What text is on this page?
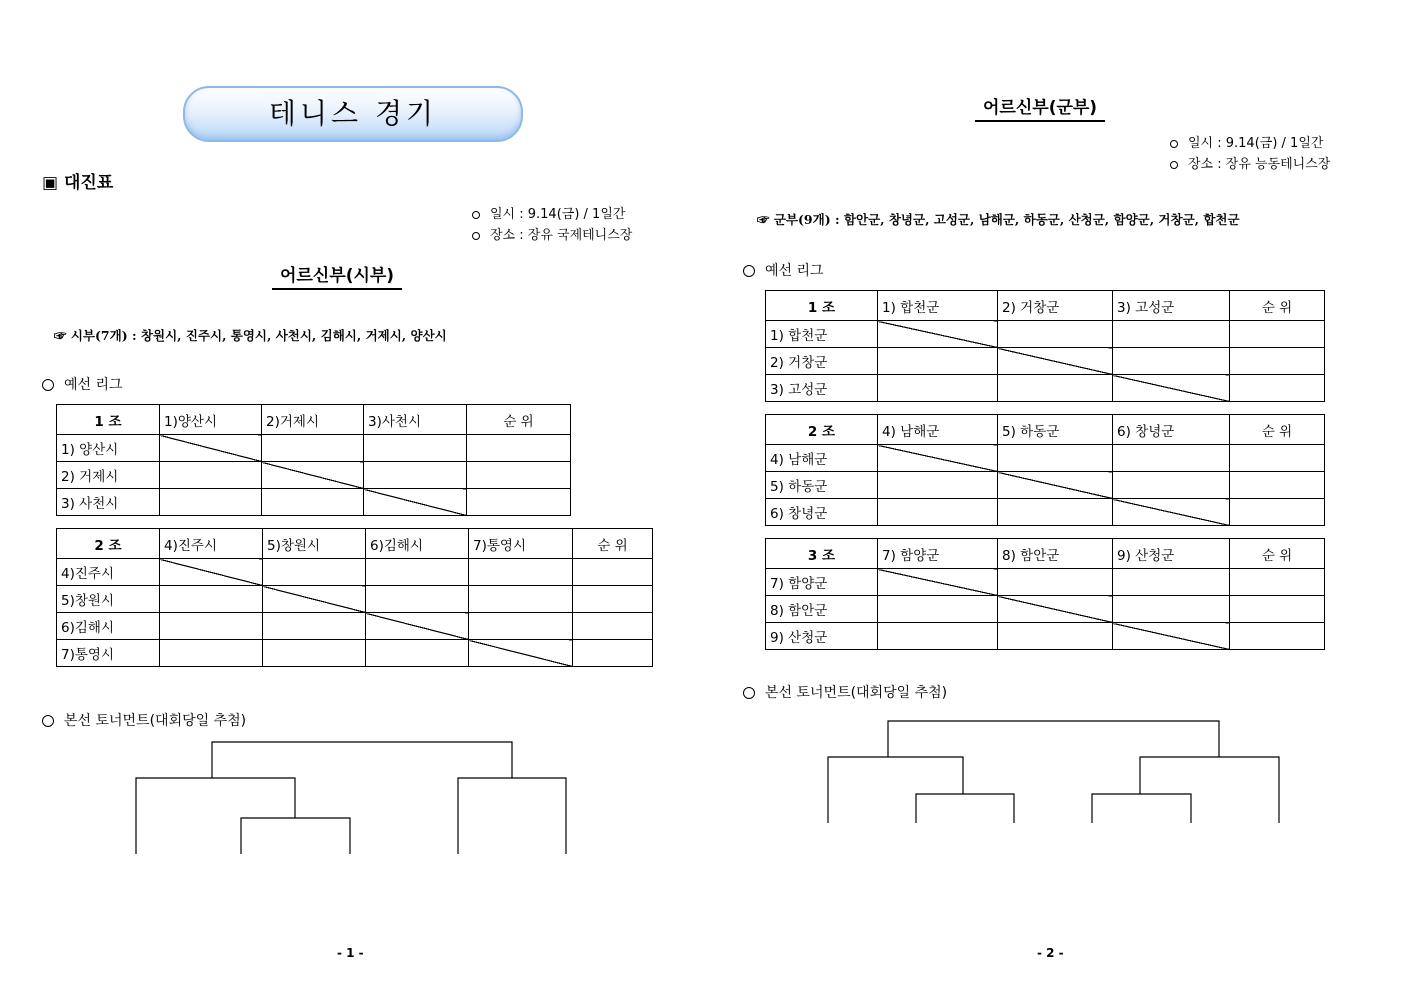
테니스 경기
▣ 대진표
일시 : 9.14(금) / 1일간
장소 : 장유 국제테니스장
어르신부(시부)
☞ 시부(7개) : 창원시, 진주시, 통영시, 사천시, 김해시, 거제시, 양산시
예선 리그
1 조	1)양산시	2)거제시	3)사천시	순 위
1) 양산시				
2) 거제시				
3) 사천시				
2 조	4)진주시	5)창원시	6)김해시	7)통영시	순 위
4)진주시					
5)창원시					
6)김해시					
7)통영시					
본선 토너먼트(대회당일 추첨)
- 1 -
어르신부(군부)
일시 : 9.14(금) / 1일간
장소 : 장유 능동테니스장
☞ 군부(9개) : 함안군, 창녕군, 고성군, 남해군, 하동군, 산청군, 함양군, 거창군, 합천군
예선 리그
1 조	1) 합천군	2) 거창군	3) 고성군	순 위
1) 합천군				
2) 거창군				
3) 고성군				
2 조	4) 남해군	5) 하동군	6) 창녕군	순 위
4) 남해군				
5) 하동군				
6) 창녕군				
3 조	7) 함양군	8) 함안군	9) 산청군	순 위
7) 함양군				
8) 함안군				
9) 산청군				
본선 토너먼트(대회당일 추첨)
- 2 -
